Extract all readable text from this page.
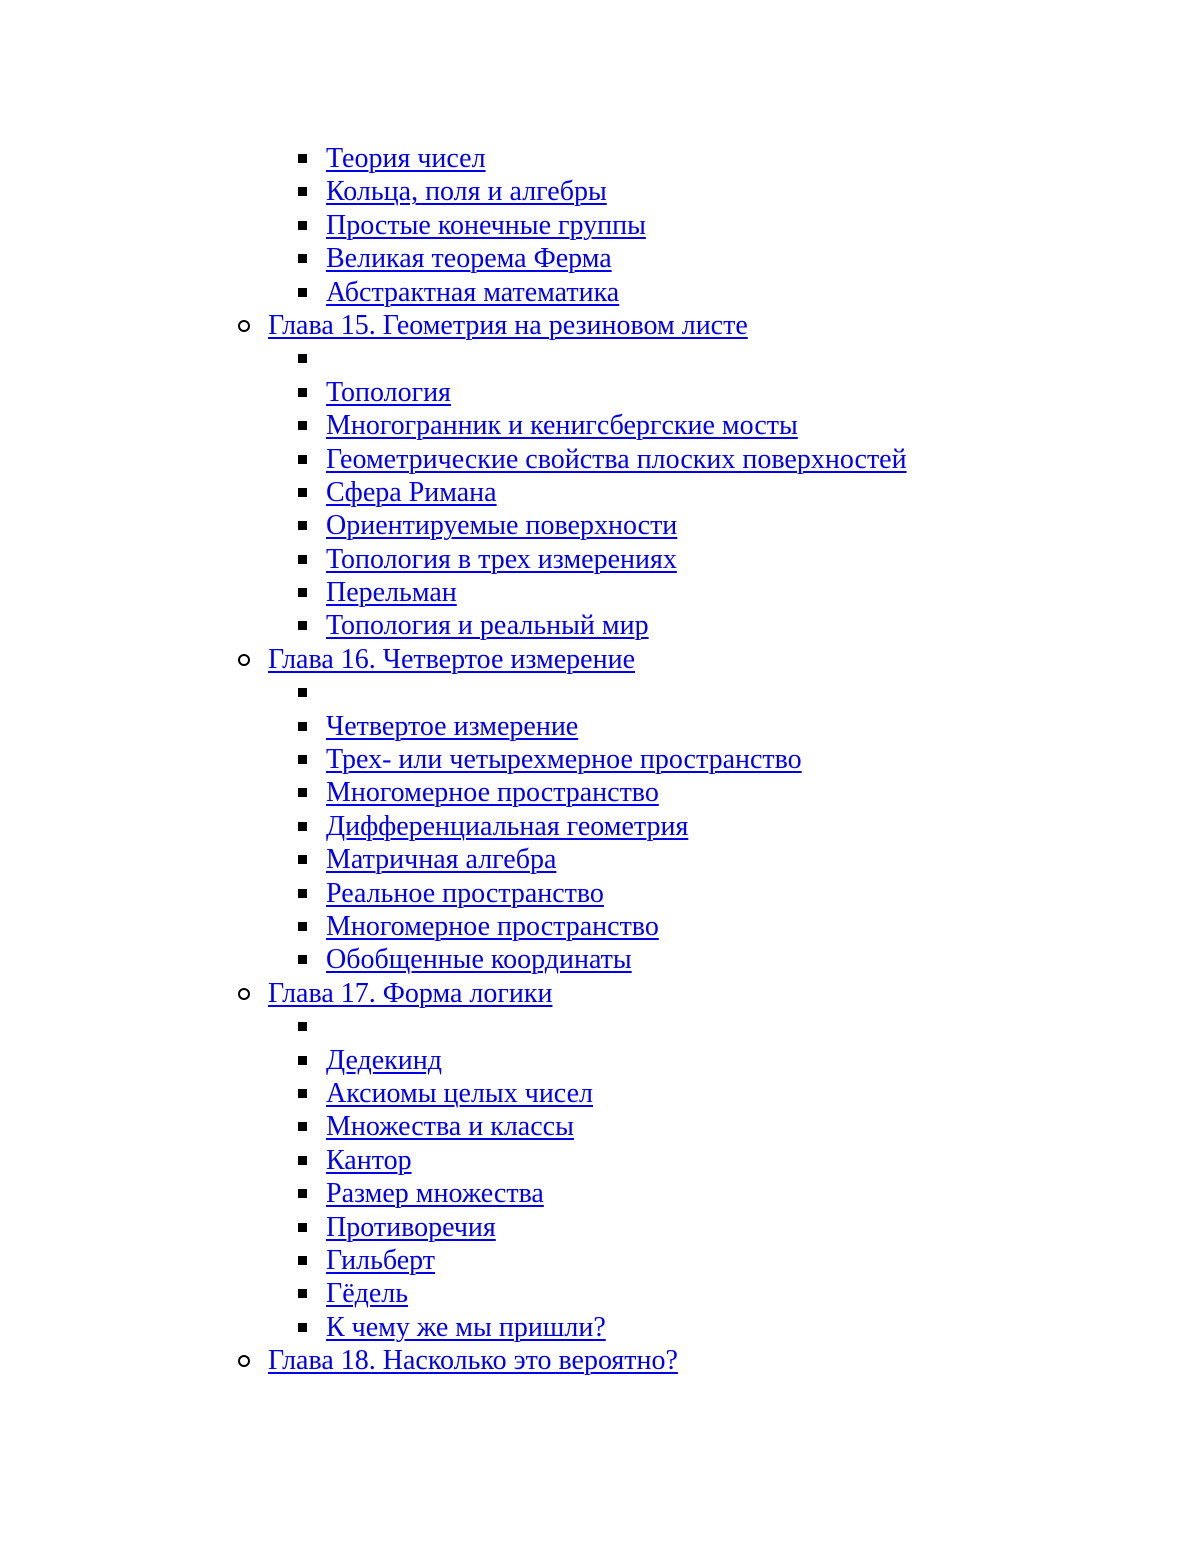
Теория чисел
Кольца, поля и алгебры
Простые конечные группы
Великая теорема Ферма
Абстрактная математика
Глава 15. Геометрия на резиновом листе
Топология
Многогранник и кенигсбергские мосты
Геометрические свойства плоских поверхностей
Сфера Римана
Ориентируемые поверхности
Топология в трех измерениях
Перельман
Топология и реальный мир
Глава 16. Четвертое измерение
Четвертое измерение
Трех- или четырехмерное пространство
Многомерное пространство
Дифференциальная геометрия
Матричная алгебра
Реальное пространство
Многомерное пространство
Обобщенные координаты
Глава 17. Форма логики
Дедекинд
Аксиомы целых чисел
Множества и классы
Кантор
Размер множества
Противоречия
Гильберт
Гёдель
К чему же мы пришли?
Глава 18. Насколько это вероятно?
